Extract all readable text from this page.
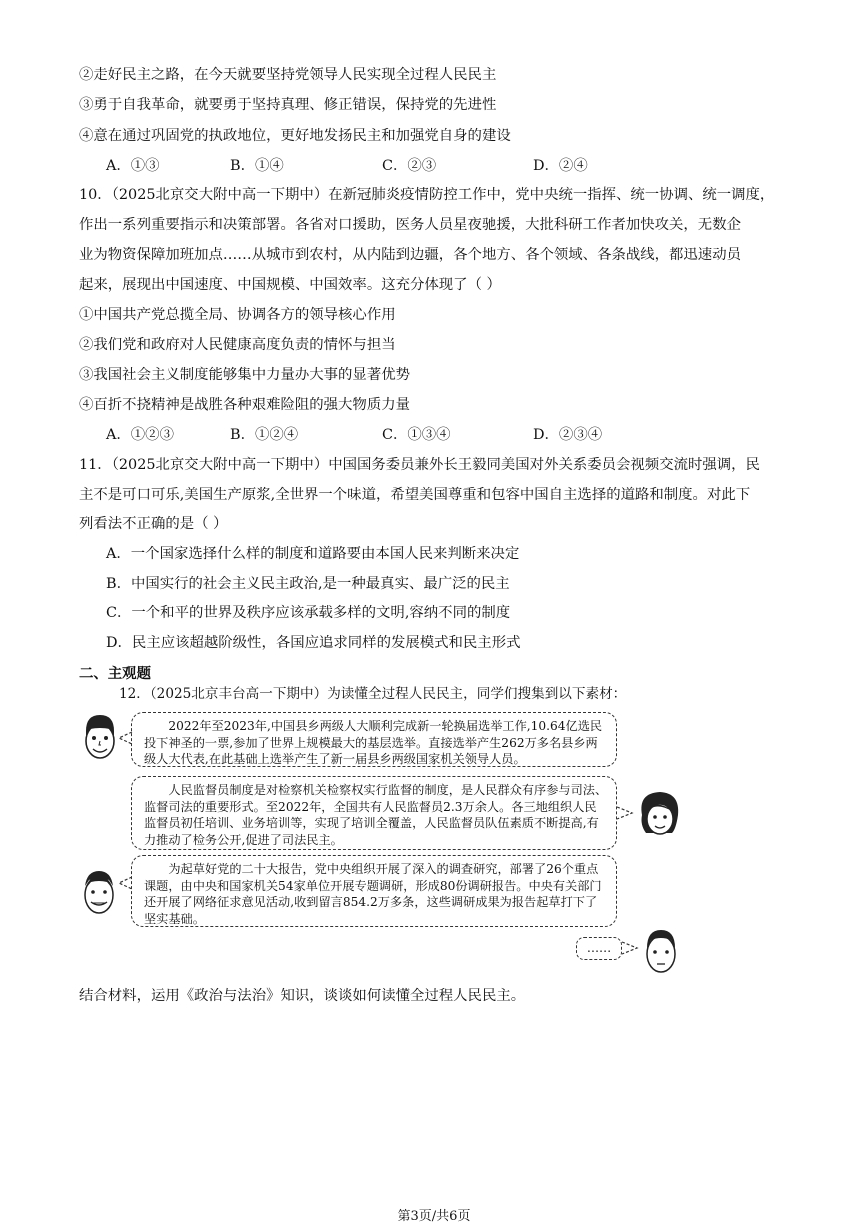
②走好民主之路，在今天就要坚持党领导人民实现全过程人民民主
③勇于自我革命，就要勇于坚持真理、修正错误，保持党的先进性
④意在通过巩固党的执政地位，更好地发扬民主和加强党自身的建设
A．①③	B．①④	C．②③	D．②④
10．（2025北京交大附中高一下期中）在新冠肺炎疫情防控工作中，党中央统一指挥、统一协调、统一调度，
作出一系列重要指示和决策部署。各省对口援助，医务人员星夜驰援，大批科研工作者加快攻关，无数企
业为物资保障加班加点……从城市到农村，从内陆到边疆，各个地方、各个领域、各条战线，都迅速动员
起来，展现出中国速度、中国规模、中国效率。这充分体现了（ ）
①中国共产党总揽全局、协调各方的领导核心作用
②我们党和政府对人民健康高度负责的情怀与担当
③我国社会主义制度能够集中力量办大事的显著优势
④百折不挠精神是战胜各种艰难险阻的强大物质力量
A．①②③	B．①②④	C．①③④	D．②③④
11．（2025北京交大附中高一下期中）中国国务委员兼外长王毅同美国对外关系委员会视频交流时强调，民
主不是可口可乐,美国生产原浆,全世界一个味道，希望美国尊重和包容中国自主选择的道路和制度。对此下
列看法不正确的是（ ）
A．一个国家选择什么样的制度和道路要由本国人民来判断来决定
B．中国实行的社会主义民主政治,是一种最真实、最广泛的民主
C．一个和平的世界及秩序应该承载多样的文明,容纳不同的制度
D．民主应该超越阶级性，各国应追求同样的发展模式和民主形式
二、主观题
12．（2025北京丰台高一下期中）为读懂全过程人民民主，同学们搜集到以下素材：
2022年至2023年,中国县乡两级人大顺利完成新一轮换届选举工作,10.64亿选民投下神圣的一票,参加了世界上规模最大的基层选举。直接选举产生262万多名县乡两级人大代表,在此基础上选举产生了新一届县乡两级国家机关领导人员。
人民监督员制度是对检察机关检察权实行监督的制度，是人民群众有序参与司法、监督司法的重要形式。至2022年，全国共有人民监督员2.3万余人。各三地组织人民监督员初任培训、业务培训等，实现了培训全覆盖，人民监督员队伍素质不断提高,有力推动了检务公开,促进了司法民主。
为起草好党的二十大报告，党中央组织开展了深入的调查研究，部署了26个重点课题，由中央和国家机关54家单位开展专题调研，形成80份调研报告。中央有关部门还开展了网络征求意见活动,收到留言854.2万多条，这些调研成果为报告起草打下了坚实基础。
……
结合材料，运用《政治与法治》知识，谈谈如何读懂全过程人民民主。
第3页/共6页
